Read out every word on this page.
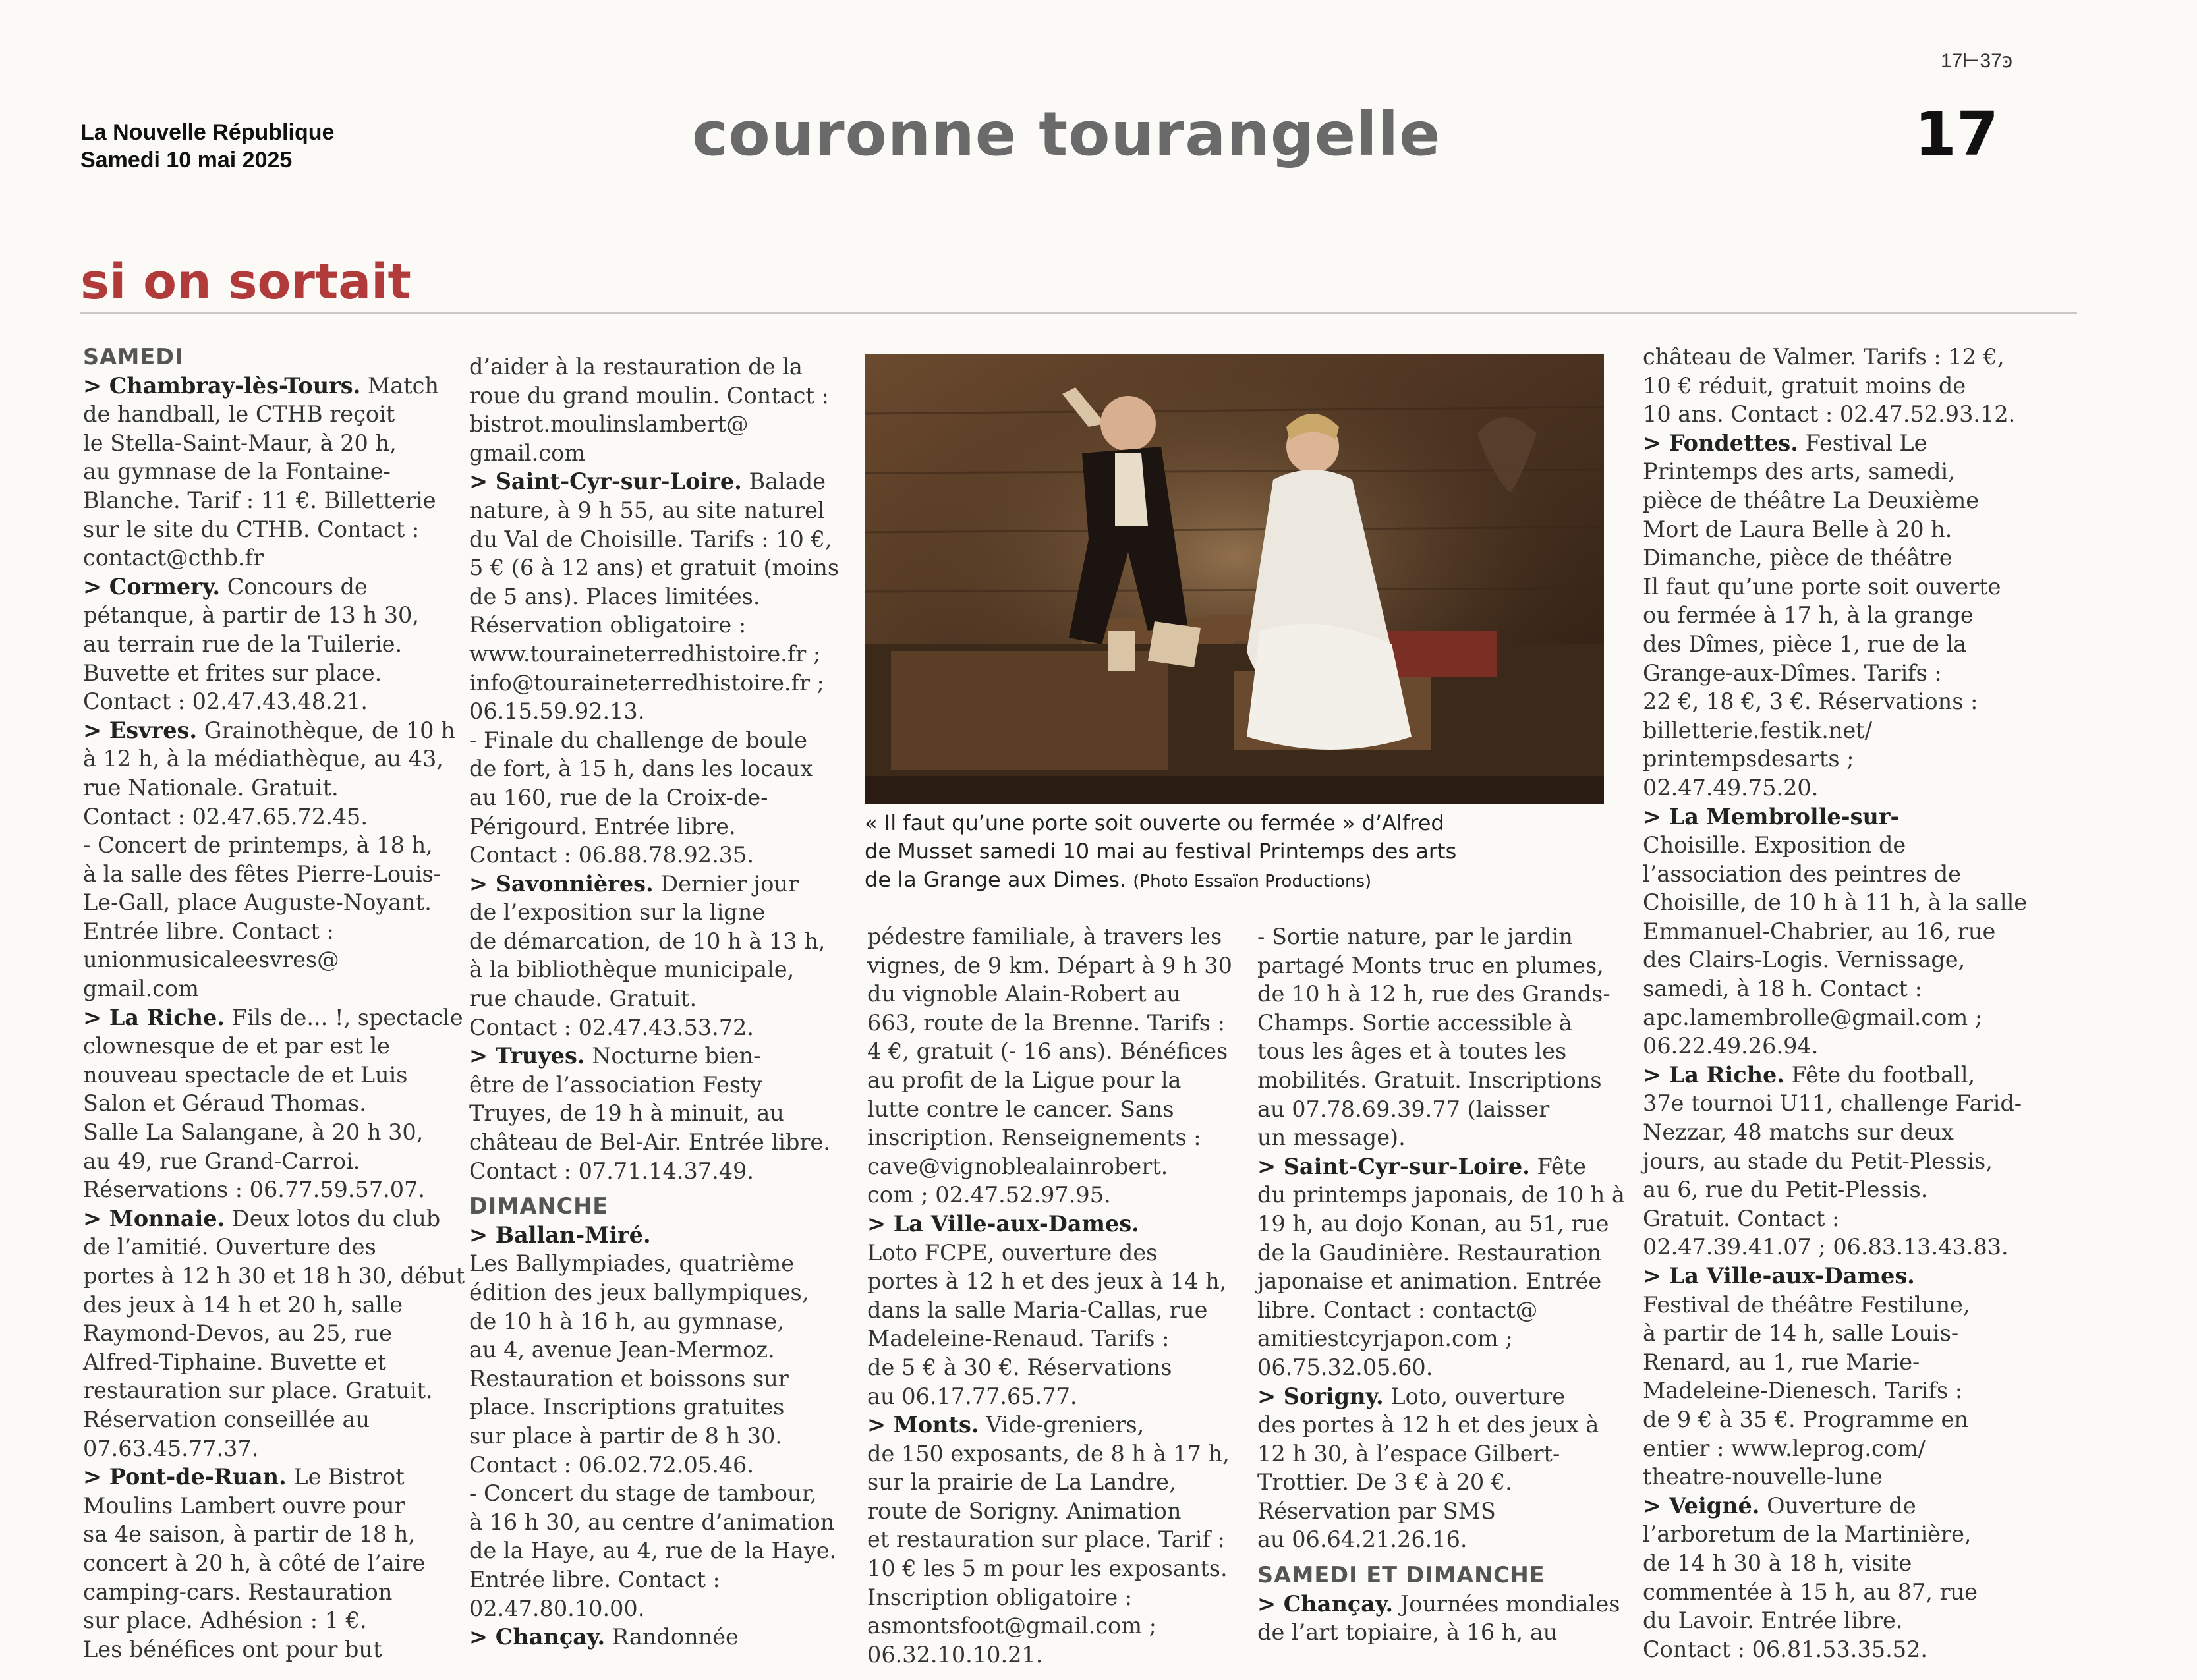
17⊢37ꜿ
La Nouvelle République
Samedi 10 mai 2025	couronne tourangelle	17
si on sortait
SAMEDI
> Chambray-lès-Tours. Match
de handball, le CTHB reçoit
le Stella-Saint-Maur, à 20 h,
au gymnase de la Fontaine-
Blanche. Tarif : 11 €. Billetterie
sur le site du CTHB. Contact :
contact@cthb.fr
> Cormery. Concours de
pétanque, à partir de 13 h 30,
au terrain rue de la Tuilerie.
Buvette et frites sur place.
Contact : 02.47.43.48.21.
> Esvres. Grainothèque, de 10 h
à 12 h, à la médiathèque, au 43,
rue Nationale. Gratuit.
Contact : 02.47.65.72.45.
- Concert de printemps, à 18 h,
à la salle des fêtes Pierre-Louis-
Le-Gall, place Auguste-Noyant.
Entrée libre. Contact :
unionmusicaleesvres@
gmail.com
> La Riche. Fils de... !, spectacle
clownesque de et par est le
nouveau spectacle de et Luis
Salon et Géraud Thomas.
Salle La Salangane, à 20 h 30,
au 49, rue Grand-Carroi.
Réservations : 06.77.59.57.07.
> Monnaie. Deux lotos du club
de l’amitié. Ouverture des
portes à 12 h 30 et 18 h 30, début
des jeux à 14 h et 20 h, salle
Raymond-Devos, au 25, rue
Alfred-Tiphaine. Buvette et
restauration sur place. Gratuit.
Réservation conseillée au
07.63.45.77.37.
> Pont-de-Ruan. Le Bistrot
Moulins Lambert ouvre pour
sa 4e saison, à partir de 18 h,
concert à 20 h, à côté de l’aire
camping-cars. Restauration
sur place. Adhésion : 1 €.
Les bénéfices ont pour but
d’aider à la restauration de la
roue du grand moulin. Contact :
bistrot.moulinslambert@
gmail.com
> Saint-Cyr-sur-Loire. Balade
nature, à 9 h 55, au site naturel
du Val de Choisille. Tarifs : 10 €,
5 € (6 à 12 ans) et gratuit (moins
de 5 ans). Places limitées.
Réservation obligatoire :
www.touraineterredhistoire.fr ;
info@touraineterredhistoire.fr ;
06.15.59.92.13.
- Finale du challenge de boule
de fort, à 15 h, dans les locaux
au 160, rue de la Croix-de-
Périgourd. Entrée libre.
Contact : 06.88.78.92.35.
> Savonnières. Dernier jour
de l’exposition sur la ligne
de démarcation, de 10 h à 13 h,
à la bibliothèque municipale,
rue chaude. Gratuit.
Contact : 02.47.43.53.72.
> Truyes. Nocturne bien-
être de l’association Festy
Truyes, de 19 h à minuit, au
château de Bel-Air. Entrée libre.
Contact : 07.71.14.37.49.
DIMANCHE
> Ballan-Miré.
Les Ballympiades, quatrième
édition des jeux ballympiques,
de 10 h à 16 h, au gymnase,
au 4, avenue Jean-Mermoz.
Restauration et boissons sur
place. Inscriptions gratuites
sur place à partir de 8 h 30.
Contact : 06.02.72.05.46.
- Concert du stage de tambour,
à 16 h 30, au centre d’animation
de la Haye, au 4, rue de la Haye.
Entrée libre. Contact :
02.47.80.10.00.
> Chançay. Randonnée
pédestre familiale, à travers les
vignes, de 9 km. Départ à 9 h 30
du vignoble Alain-Robert au
663, route de la Brenne. Tarifs :
4 €, gratuit (- 16 ans). Bénéfices
au profit de la Ligue pour la
lutte contre le cancer. Sans
inscription. Renseignements :
cave@vignoblealainrobert.
com ; 02.47.52.97.95.
> La Ville-aux-Dames.
Loto FCPE, ouverture des
portes à 12 h et des jeux à 14 h,
dans la salle Maria-Callas, rue
Madeleine-Renaud. Tarifs :
de 5 € à 30 €. Réservations
au 06.17.77.65.77.
> Monts. Vide-greniers,
de 150 exposants, de 8 h à 17 h,
sur la prairie de La Landre,
route de Sorigny. Animation
et restauration sur place. Tarif :
10 € les 5 m pour les exposants.
Inscription obligatoire :
asmontsfoot@gmail.com ;
06.32.10.10.21.
- Sortie nature, par le jardin
partagé Monts truc en plumes,
de 10 h à 12 h, rue des Grands-
Champs. Sortie accessible à
tous les âges et à toutes les
mobilités. Gratuit. Inscriptions
au 07.78.69.39.77 (laisser
un message).
> Saint-Cyr-sur-Loire. Fête
du printemps japonais, de 10 h à
19 h, au dojo Konan, au 51, rue
de la Gaudinière. Restauration
japonaise et animation. Entrée
libre. Contact : contact@
amitiestcyrjapon.com ;
06.75.32.05.60.
> Sorigny. Loto, ouverture
des portes à 12 h et des jeux à
12 h 30, à l’espace Gilbert-
Trottier. De 3 € à 20 €.
Réservation par SMS
au 06.64.21.26.16.
SAMEDI ET DIMANCHE
> Chançay. Journées mondiales
de l’art topiaire, à 16 h, au
château de Valmer. Tarifs : 12 €,
10 € réduit, gratuit moins de
10 ans. Contact : 02.47.52.93.12.
> Fondettes. Festival Le
Printemps des arts, samedi,
pièce de théâtre La Deuxième
Mort de Laura Belle à 20 h.
Dimanche, pièce de théâtre
Il faut qu’une porte soit ouverte
ou fermée à 17 h, à la grange
des Dîmes, pièce 1, rue de la
Grange-aux-Dîmes. Tarifs :
22 €, 18 €, 3 €. Réservations :
billetterie.festik.net/
printempsdesarts ;
02.47.49.75.20.
> La Membrolle-sur-
Choisille. Exposition de
l’association des peintres de
Choisille, de 10 h à 11 h, à la salle
Emmanuel-Chabrier, au 16, rue
des Clairs-Logis. Vernissage,
samedi, à 18 h. Contact :
apc.lamembrolle@gmail.com ;
06.22.49.26.94.
> La Riche. Fête du football,
37e tournoi U11, challenge Farid-
Nezzar, 48 matchs sur deux
jours, au stade du Petit-Plessis,
au 6, rue du Petit-Plessis.
Gratuit. Contact :
02.47.39.41.07 ; 06.83.13.43.83.
> La Ville-aux-Dames.
Festival de théâtre Festilune,
à partir de 14 h, salle Louis-
Renard, au 1, rue Marie-
Madeleine-Dienesch. Tarifs :
de 9 € à 35 €. Programme en
entier : www.leprog.com/
theatre-nouvelle-lune
> Veigné. Ouverture de
l’arboretum de la Martinière,
de 14 h 30 à 18 h, visite
commentée à 15 h, au 87, rue
du Lavoir. Entrée libre.
Contact : 06.81.53.35.52.
« Il faut qu’une porte soit ouverte ou fermée » d’Alfred
de Musset samedi 10 mai au festival Printemps des arts
de la Grange aux Dimes. (Photo Essaïon Productions)
